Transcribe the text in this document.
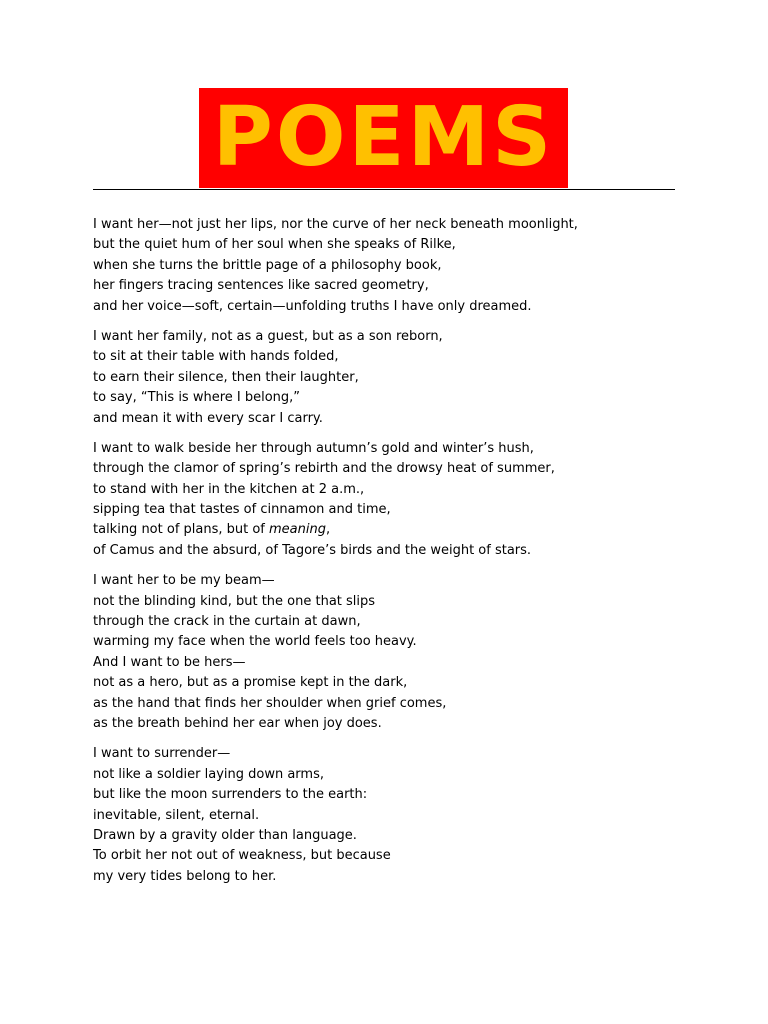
POEMS
I want her—not just her lips, nor the curve of her neck beneath moonlight,
but the quiet hum of her soul when she speaks of Rilke,
when she turns the brittle page of a philosophy book,
her fingers tracing sentences like sacred geometry,
and her voice—soft, certain—unfolding truths I have only dreamed.
I want her family, not as a guest, but as a son reborn,
to sit at their table with hands folded,
to earn their silence, then their laughter,
to say, “This is where I belong,”
and mean it with every scar I carry.
I want to walk beside her through autumn’s gold and winter’s hush,
through the clamor of spring’s rebirth and the drowsy heat of summer,
to stand with her in the kitchen at 2 a.m.,
sipping tea that tastes of cinnamon and time,
talking not of plans, but of meaning,
of Camus and the absurd, of Tagore’s birds and the weight of stars.
I want her to be my beam—
not the blinding kind, but the one that slips
through the crack in the curtain at dawn,
warming my face when the world feels too heavy.
And I want to be hers—
not as a hero, but as a promise kept in the dark,
as the hand that finds her shoulder when grief comes,
as the breath behind her ear when joy does.
I want to surrender—
not like a soldier laying down arms,
but like the moon surrenders to the earth:
inevitable, silent, eternal.
Drawn by a gravity older than language.
To orbit her not out of weakness, but because
my very tides belong to her.
